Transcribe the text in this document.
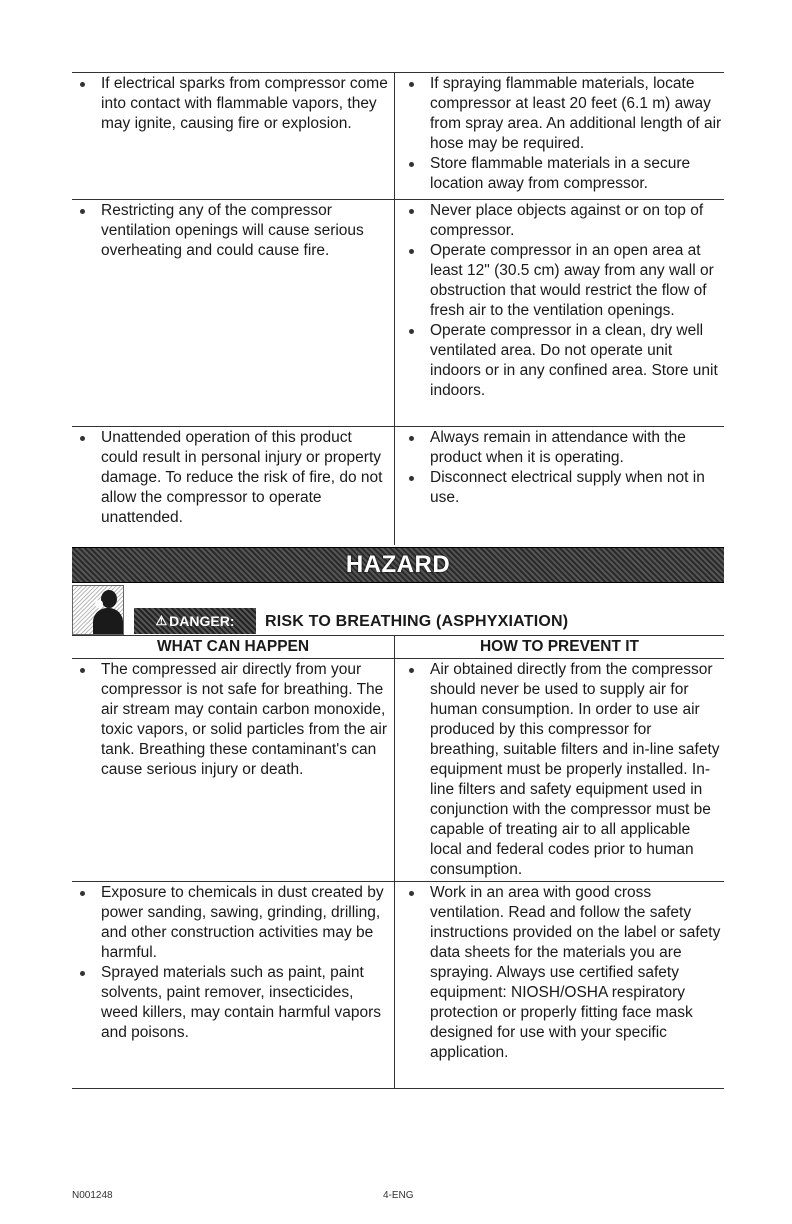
If electrical sparks from compressor come into contact with flammable vapors, they may ignite, causing fire or explosion.
If spraying flammable materials, locate compressor at least 20 feet (6.1 m) away from spray area. An additional length of air hose may be required.
Store flammable materials in a secure location away from compressor.
Restricting any of the compressor ventilation openings will cause serious overheating and could cause fire.
Never place objects against or on top of compressor.
Operate compressor in an open area at least 12" (30.5 cm) away from any wall or obstruction that would restrict the flow of fresh air to the ventilation openings.
Operate compressor in a clean, dry well ventilated area. Do not operate unit indoors or in any confined area. Store unit indoors.
Unattended operation of this product could result in personal injury or property damage. To reduce the risk of fire, do not allow the compressor to operate unattended.
Always remain in attendance with the product when it is operating.
Disconnect electrical supply when not in use.
HAZARD
⚠ DANGER: RISK TO BREATHING (ASPHYXIATION)
WHAT CAN HAPPEN	HOW TO PREVENT IT
The compressed air directly from your compressor is not safe for breathing. The air stream may contain carbon monoxide, toxic vapors, or solid particles from the air tank. Breathing these contaminant's can cause serious injury or death.
Air obtained directly from the compressor should never be used to supply air for human consumption. In order to use air produced by this compressor for breathing, suitable filters and in-line safety equipment must be properly installed. In-line filters and safety equipment used in conjunction with the compressor must be capable of treating air to all applicable local and federal codes prior to human consumption.
Exposure to chemicals in dust created by power sanding, sawing, grinding, drilling, and other construction activities may be harmful.
Sprayed materials such as paint, paint solvents, paint remover, insecticides, weed killers, may contain harmful vapors and poisons.
Work in an area with good cross ventilation. Read and follow the safety instructions provided on the label or safety data sheets for the materials you are spraying. Always use certified safety equipment: NIOSH/OSHA respiratory protection or properly fitting face mask designed for use with your specific application.
N001248	4-ENG
